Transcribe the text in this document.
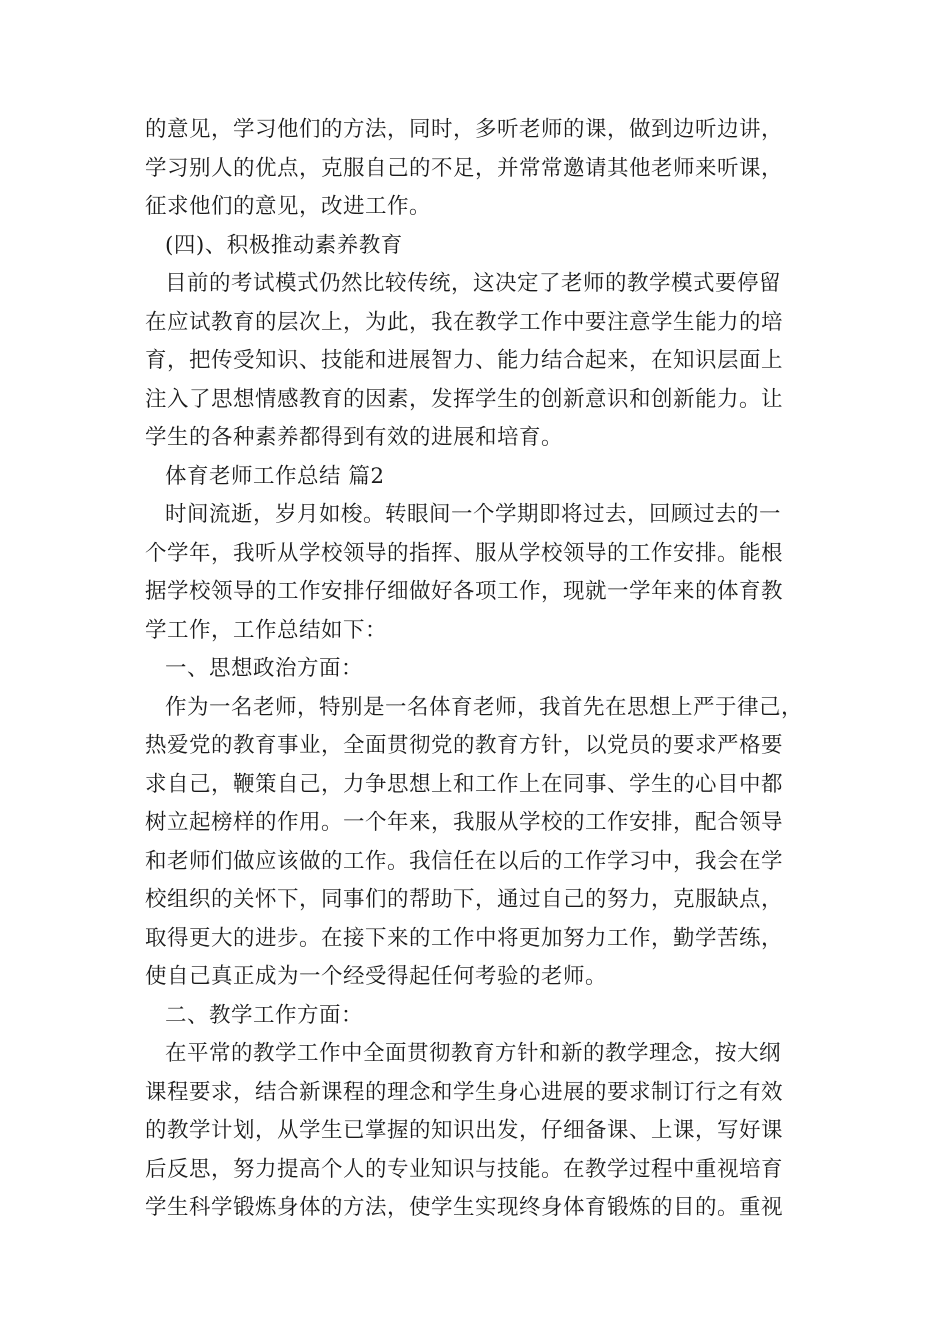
的意见，学习他们的方法，同时，多听老师的课，做到边听边讲，
学习别人的优点，克服自己的不足，并常常邀请其他老师来听课，
征求他们的意见，改进工作。
(四)、积极推动素养教育
目前的考试模式仍然比较传统，这决定了老师的教学模式要停留
在应试教育的层次上，为此，我在教学工作中要注意学生能力的培
育，把传受知识、技能和进展智力、能力结合起来，在知识层面上
注入了思想情感教育的因素，发挥学生的创新意识和创新能力。让
学生的各种素养都得到有效的进展和培育。
体育老师工作总结 篇2
时间流逝，岁月如梭。转眼间一个学期即将过去，回顾过去的一
个学年，我听从学校领导的指挥、服从学校领导的工作安排。能根
据学校领导的工作安排仔细做好各项工作，现就一学年来的体育教
学工作，工作总结如下：
一、思想政治方面：
作为一名老师，特别是一名体育老师，我首先在思想上严于律己，
热爱党的教育事业，全面贯彻党的教育方针，以党员的要求严格要
求自己，鞭策自己，力争思想上和工作上在同事、学生的心目中都
树立起榜样的作用。一个年来，我服从学校的工作安排，配合领导
和老师们做应该做的工作。我信任在以后的工作学习中，我会在学
校组织的关怀下，同事们的帮助下，通过自己的努力，克服缺点，
取得更大的进步。在接下来的工作中将更加努力工作，勤学苦练，
使自己真正成为一个经受得起任何考验的老师。
二、教学工作方面：
在平常的教学工作中全面贯彻教育方针和新的教学理念，按大纲
课程要求，结合新课程的理念和学生身心进展的要求制订行之有效
的教学计划，从学生已掌握的知识出发，仔细备课、上课，写好课
后反思，努力提高个人的专业知识与技能。在教学过程中重视培育
学生科学锻炼身体的方法，使学生实现终身体育锻炼的目的。重视
